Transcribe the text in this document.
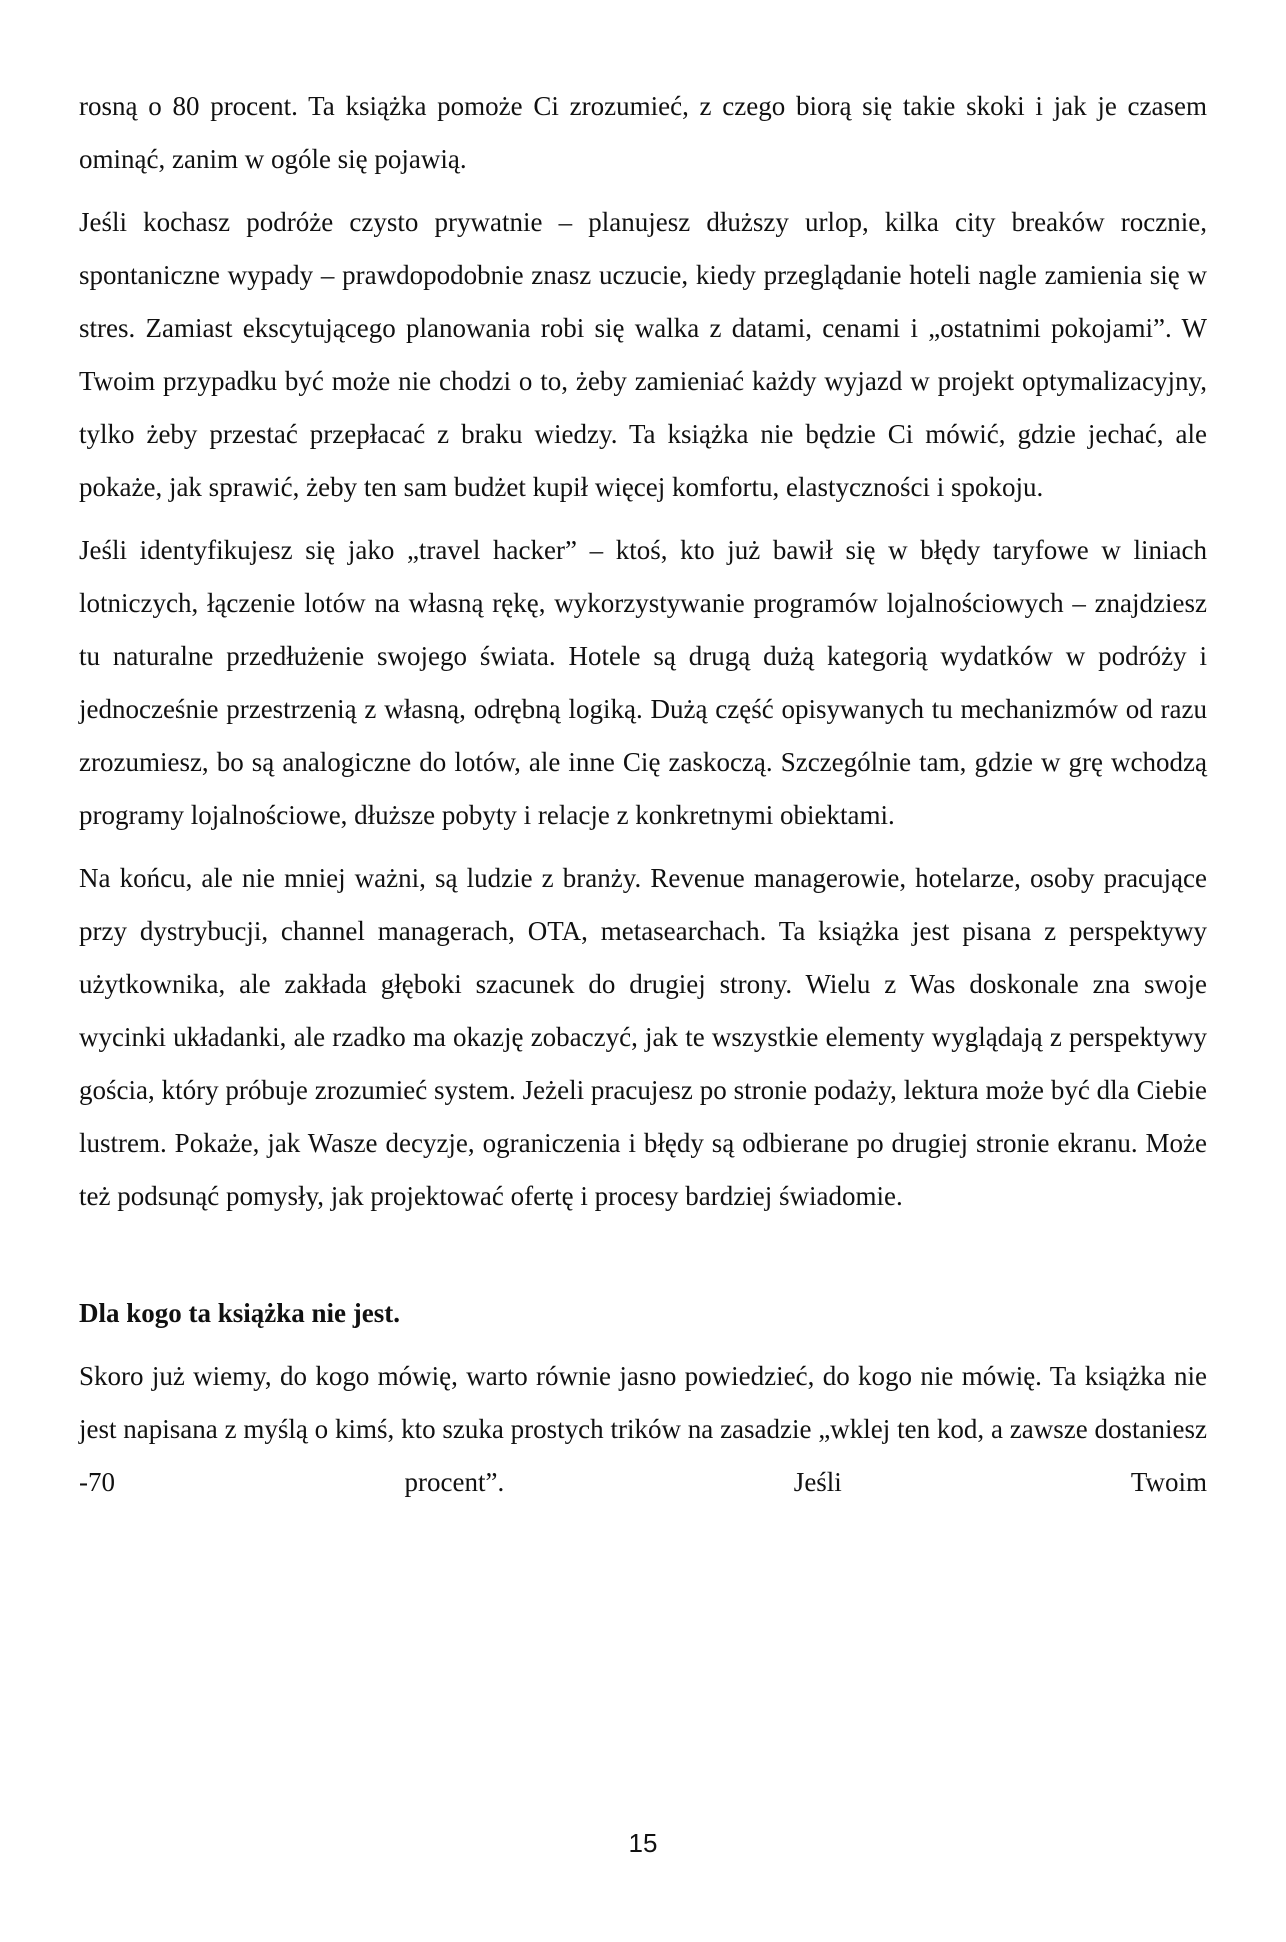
rosną o 80 procent. Ta książka pomoże Ci zrozumieć, z czego biorą się takie skoki i jak je czasem ominąć, zanim w ogóle się pojawią.

Jeśli kochasz podróże czysto prywatnie – planujesz dłuższy urlop, kilka city breaków rocznie, spontaniczne wypady – prawdopodobnie znasz uczucie, kiedy przeglądanie hoteli nagle zamienia się w stres. Zamiast ekscytującego planowania robi się walka z datami, cenami i „ostatnimi pokojami”. W Twoim przypadku być może nie chodzi o to, żeby zamieniać każdy wyjazd w projekt optymalizacyjny, tylko żeby przestać przepłacać z braku wiedzy. Ta książka nie będzie Ci mówić, gdzie jechać, ale pokaże, jak sprawić, żeby ten sam budżet kupił więcej komfortu, elastyczności i spokoju.

Jeśli identyfikujesz się jako „travel hacker” – ktoś, kto już bawił się w błędy taryfowe w liniach lotniczych, łączenie lotów na własną rękę, wykorzystywanie programów lojalnościowych – znajdziesz tu naturalne przedłużenie swojego świata. Hotele są drugą dużą kategorią wydatków w podróży i jednocześnie przestrzenią z własną, odrębną logiką. Dużą część opisywanych tu mechanizmów od razu zrozumiesz, bo są analogiczne do lotów, ale inne Cię zaskoczą. Szczególnie tam, gdzie w grę wchodzą programy lojalnościowe, dłuższe pobyty i relacje z konkretnymi obiektami.

Na końcu, ale nie mniej ważni, są ludzie z branży. Revenue managerowie, hotelarze, osoby pracujące przy dystrybucji, channel managerach, OTA, metasearchach. Ta książka jest pisana z perspektywy użytkownika, ale zakłada głęboki szacunek do drugiej strony. Wielu z Was doskonale zna swoje wycinki układanki, ale rzadko ma okazję zobaczyć, jak te wszystkie elementy wyglądają z perspektywy gościa, który próbuje zrozumieć system. Jeżeli pracujesz po stronie podaży, lektura może być dla Ciebie lustrem. Pokaże, jak Wasze decyzje, ograniczenia i błędy są odbierane po drugiej stronie ekranu. Może też podsunąć pomysły, jak projektować ofertę i procesy bardziej świadomie.

Dla kogo ta książka nie jest.

Skoro już wiemy, do kogo mówię, warto równie jasno powiedzieć, do kogo nie mówię. Ta książka nie jest napisana z myślą o kimś, kto szuka prostych trików na zasadzie „wklej ten kod, a zawsze dostaniesz -70 procent”. Jeśli Twoim

15
